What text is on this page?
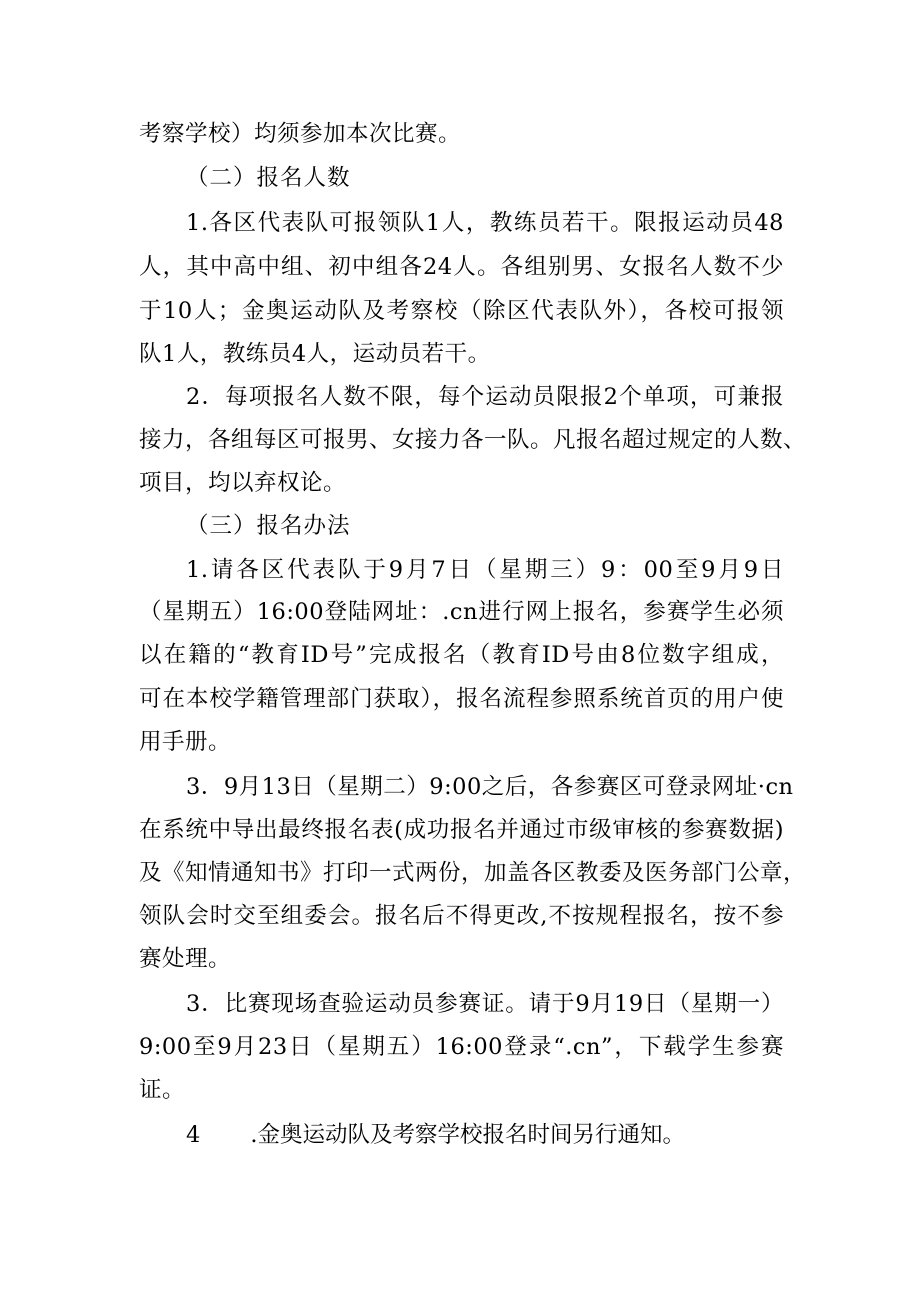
考察学校）均须参加本次比赛。
（二）报名人数
1.各区代表队可报领队1人，教练员若干。限报运动员48
人，其中高中组、初中组各24人。各组别男、女报名人数不少
于10人；金奥运动队及考察校（除区代表队外），各校可报领
队1人，教练员4人，运动员若干。
2．每项报名人数不限，每个运动员限报2个单项，可兼报
接力，各组每区可报男、女接力各一队。凡报名超过规定的人数、
项目，均以弃权论。
（三）报名办法
1.请各区代表队于9月7日（星期三）9：00至9月9日
（星期五）16:00登陆网址：.cn进行网上报名，参赛学生必须
以在籍的“教育ID号”完成报名（教育ID号由8位数字组成，
可在本校学籍管理部门获取），报名流程参照系统首页的用户使
用手册。
3．9月13日（星期二）9:00之后，各参赛区可登录网址·cn
在系统中导出最终报名表(成功报名并通过市级审核的参赛数据)
及《知情通知书》打印一式两份，加盖各区教委及医务部门公章，
领队会时交至组委会。报名后不得更改,不按规程报名，按不参
赛处理。
3．比赛现场查验运动员参赛证。请于9月19日（星期一）
9:00至9月23日（星期五）16:00登录“.cn”，下载学生参赛
证。
4 .金奥运动队及考察学校报名时间另行通知。
